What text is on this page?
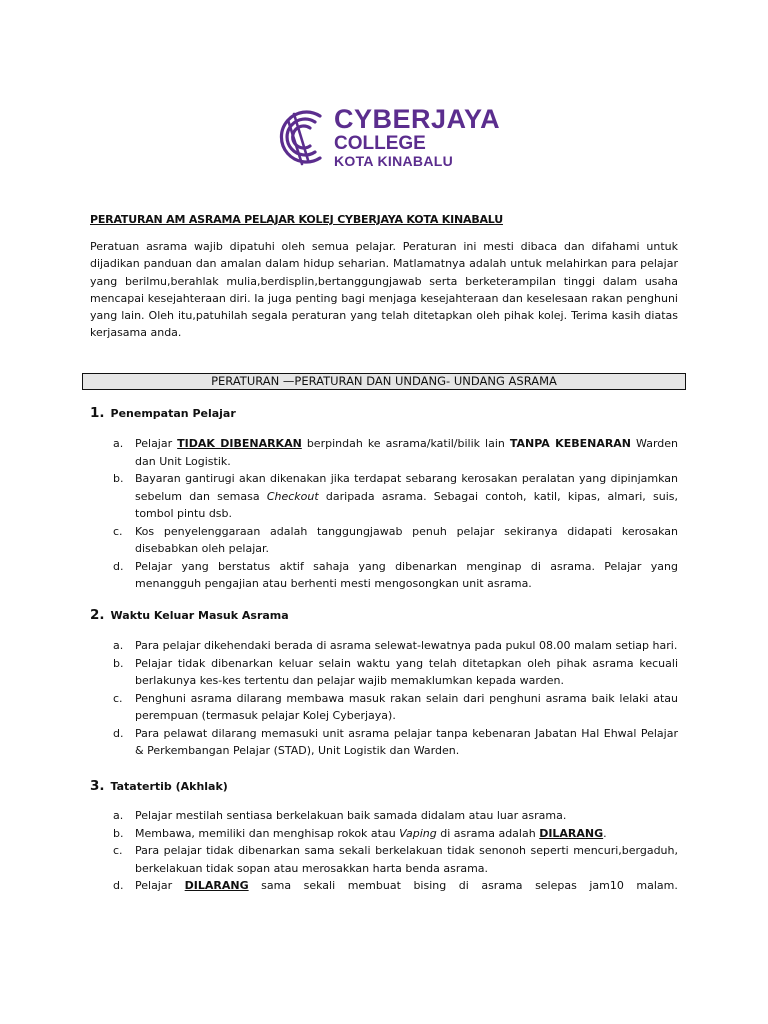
CYBERJAYA
COLLEGE
KOTA KINABALU
PERATURAN AM ASRAMA PELAJAR KOLEJ CYBERJAYA KOTA KINABALU
Peratuan asrama wajib dipatuhi oleh semua pelajar. Peraturan ini mesti dibaca dan difahami untuk dijadikan panduan dan amalan dalam hidup seharian. Matlamatnya adalah untuk melahirkan para pelajar yang berilmu,berahlak mulia,berdisplin,bertanggungjawab serta berketerampilan tinggi dalam usaha mencapai kesejahteraan diri. Ia juga penting bagi menjaga kesejahteraan dan keselesaan rakan penghuni yang lain. Oleh itu,patuhilah segala peraturan yang telah ditetapkan oleh pihak kolej. Terima kasih diatas kerjasama anda.
PERATURAN —PERATURAN DAN UNDANG- UNDANG ASRAMA
1. Penempatan Pelajar
a. Pelajar TIDAK DIBENARKAN berpindah ke asrama/katil/bilik lain TANPA KEBENARAN Warden dan Unit Logistik.
b. Bayaran gantirugi akan dikenakan jika terdapat sebarang kerosakan peralatan yang dipinjamkan sebelum dan semasa Checkout daripada asrama. Sebagai contoh, katil, kipas, almari, suis, tombol pintu dsb.
c. Kos penyelenggaraan adalah tanggungjawab penuh pelajar sekiranya didapati kerosakan disebabkan oleh pelajar.
d. Pelajar yang berstatus aktif sahaja yang dibenarkan menginap di asrama. Pelajar yang menangguh pengajian atau berhenti mesti mengosongkan unit asrama.
2. Waktu Keluar Masuk Asrama
a. Para pelajar dikehendaki berada di asrama selewat-lewatnya pada pukul 08.00 malam setiap hari.
b. Pelajar tidak dibenarkan keluar selain waktu yang telah ditetapkan oleh pihak asrama kecuali berlakunya kes-kes tertentu dan pelajar wajib memaklumkan kepada warden.
c. Penghuni asrama dilarang membawa masuk rakan selain dari penghuni asrama baik lelaki atau perempuan (termasuk pelajar Kolej Cyberjaya).
d. Para pelawat dilarang memasuki unit asrama pelajar tanpa kebenaran Jabatan Hal Ehwal Pelajar & Perkembangan Pelajar (STAD), Unit Logistik dan Warden.
3. Tatatertib (Akhlak)
a. Pelajar mestilah sentiasa berkelakuan baik samada didalam atau luar asrama.
b. Membawa, memiliki dan menghisap rokok atau Vaping di asrama adalah DILARANG.
c. Para pelajar tidak dibenarkan sama sekali berkelakuan tidak senonoh seperti mencuri,bergaduh, berkelakuan tidak sopan atau merosakkan harta benda asrama.
d. Pelajar DILARANG sama sekali membuat bising di asrama selepas jam10 malam.
